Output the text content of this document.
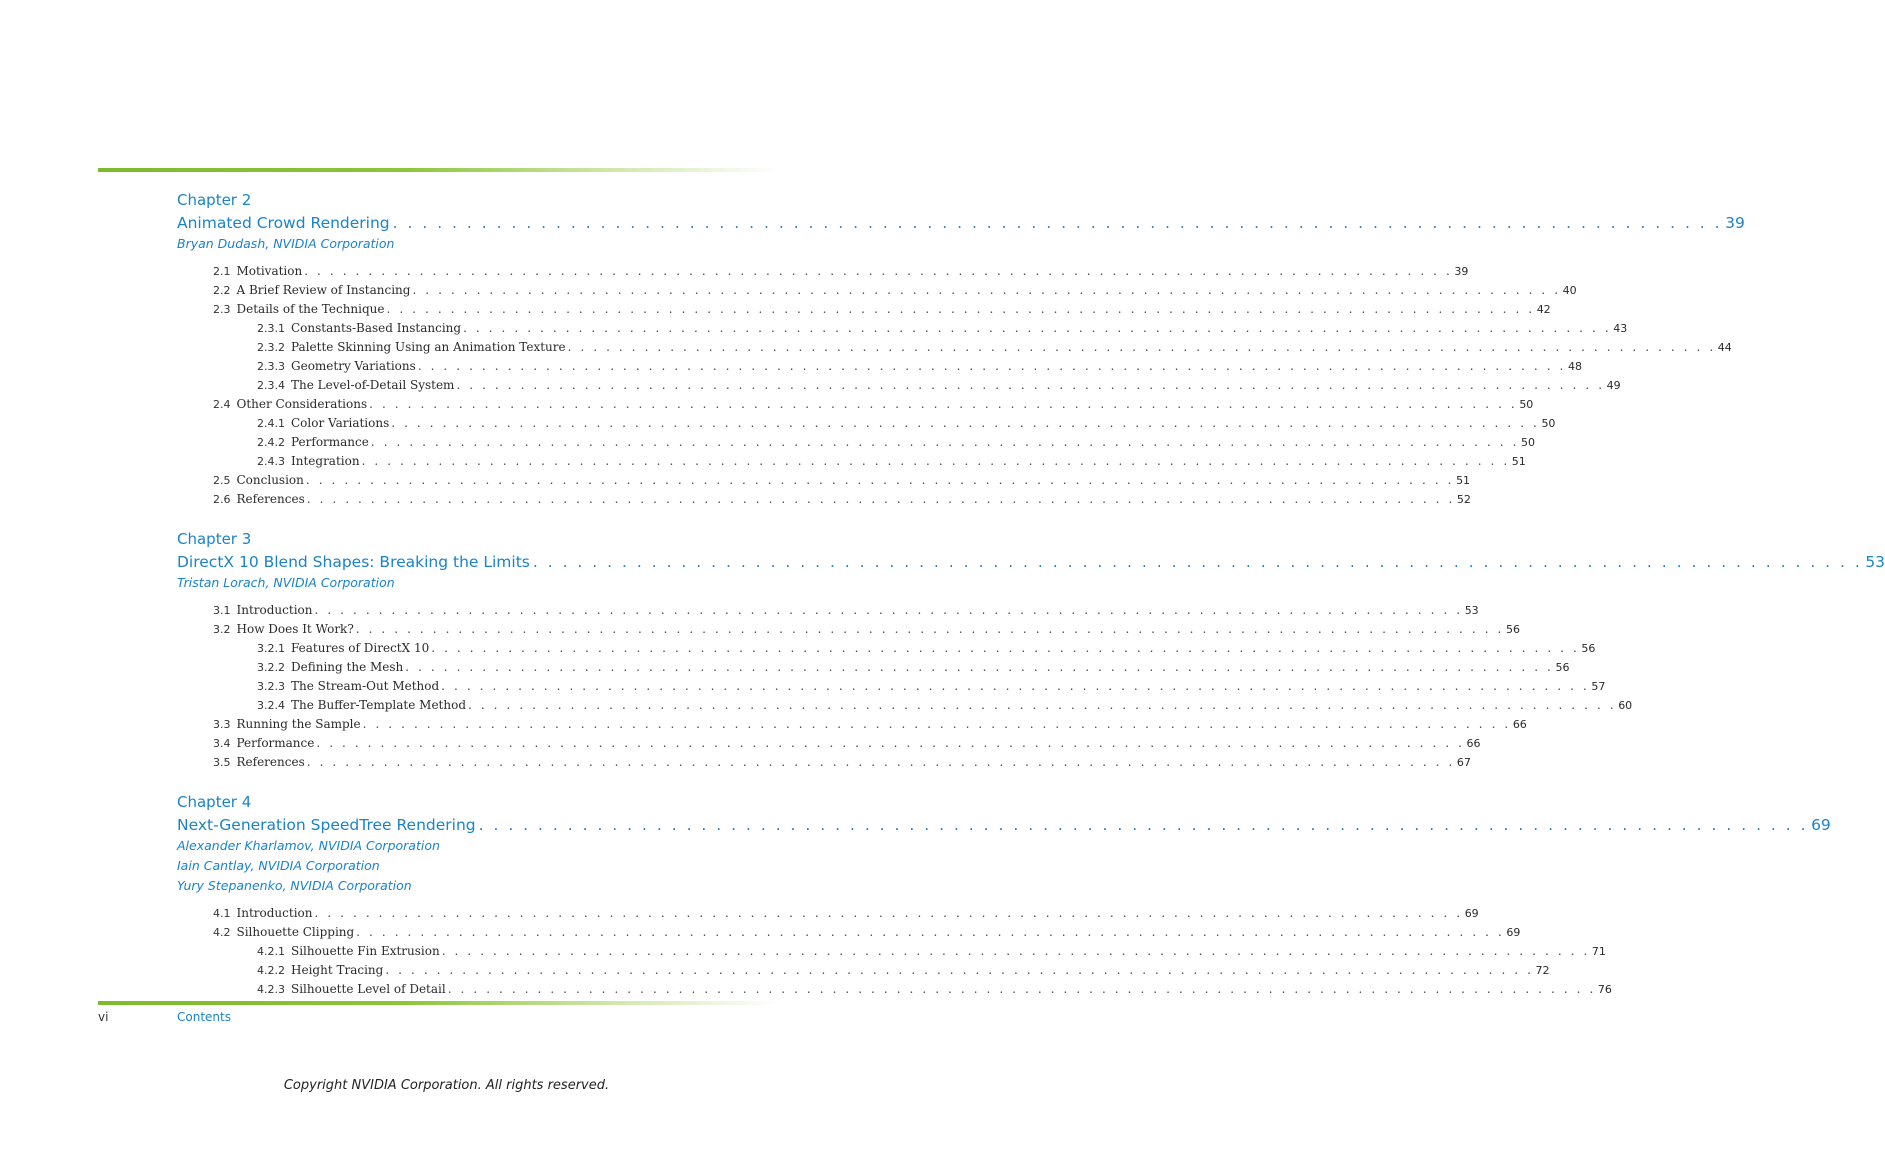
Chapter 2
Animated Crowd Rendering . . . . . . . . . . . . . . . . . . . . . . . . . . . . . . . . . . . . . . . . . . . . . . . . . . . . . . . . . . . . . . . . . . . . . . . . . . . . . . . . . . . . . . . . . . 39
Bryan Dudash, NVIDIA Corporation
2.1 Motivation . . . . . . . . . . . . . . . . . . . . . . . . . . . . . . . . . . . . . . . . . . . . . . . . . . . . . . . . . . . . . . . . . . . . . . . . . . . . . . . . . . . . . . . . . . 39
2.2 A Brief Review of Instancing . . . . . . . . . . . . . . . . . . . . . . . . . . . . . . . . . . . . . . . . . . . . . . . . . . . . . . . . . . . . . . . . . . . . . . . . . . . . . . . . . . . . . . . . . . 40
2.3 Details of the Technique . . . . . . . . . . . . . . . . . . . . . . . . . . . . . . . . . . . . . . . . . . . . . . . . . . . . . . . . . . . . . . . . . . . . . . . . . . . . . . . . . . . . . . . . . . 42
2.3.1 Constants-Based Instancing . . . . . . . . . . . . . . . . . . . . . . . . . . . . . . . . . . . . . . . . . . . . . . . . . . . . . . . . . . . . . . . . . . . . . . . . . . . . . . . . . . . . . . . . . . 43
2.3.2 Palette Skinning Using an Animation Texture . . . . . . . . . . . . . . . . . . . . . . . . . . . . . . . . . . . . . . . . . . . . . . . . . . . . . . . . . . . . . . . . . . . . . . . . . . . . . . . . . . . . . . . . . . 44
2.3.3 Geometry Variations . . . . . . . . . . . . . . . . . . . . . . . . . . . . . . . . . . . . . . . . . . . . . . . . . . . . . . . . . . . . . . . . . . . . . . . . . . . . . . . . . . . . . . . . . . 48
2.3.4 The Level-of-Detail System . . . . . . . . . . . . . . . . . . . . . . . . . . . . . . . . . . . . . . . . . . . . . . . . . . . . . . . . . . . . . . . . . . . . . . . . . . . . . . . . . . . . . . . . . . 49
2.4 Other Considerations . . . . . . . . . . . . . . . . . . . . . . . . . . . . . . . . . . . . . . . . . . . . . . . . . . . . . . . . . . . . . . . . . . . . . . . . . . . . . . . . . . . . . . . . . . 50
2.4.1 Color Variations . . . . . . . . . . . . . . . . . . . . . . . . . . . . . . . . . . . . . . . . . . . . . . . . . . . . . . . . . . . . . . . . . . . . . . . . . . . . . . . . . . . . . . . . . . 50
2.4.2 Performance . . . . . . . . . . . . . . . . . . . . . . . . . . . . . . . . . . . . . . . . . . . . . . . . . . . . . . . . . . . . . . . . . . . . . . . . . . . . . . . . . . . . . . . . . . 50
2.4.3 Integration . . . . . . . . . . . . . . . . . . . . . . . . . . . . . . . . . . . . . . . . . . . . . . . . . . . . . . . . . . . . . . . . . . . . . . . . . . . . . . . . . . . . . . . . . . 51
2.5 Conclusion . . . . . . . . . . . . . . . . . . . . . . . . . . . . . . . . . . . . . . . . . . . . . . . . . . . . . . . . . . . . . . . . . . . . . . . . . . . . . . . . . . . . . . . . . . 51
2.6 References . . . . . . . . . . . . . . . . . . . . . . . . . . . . . . . . . . . . . . . . . . . . . . . . . . . . . . . . . . . . . . . . . . . . . . . . . . . . . . . . . . . . . . . . . . 52
Chapter 3
DirectX 10 Blend Shapes: Breaking the Limits . . . . . . . . . . . . . . . . . . . . . . . . . . . . . . . . . . . . . . . . . . . . . . . . . . . . . . . . . . . . . . . . . . . . . . . . . . . . . . . . . . . . . . . . . . 53
Tristan Lorach, NVIDIA Corporation
3.1 Introduction . . . . . . . . . . . . . . . . . . . . . . . . . . . . . . . . . . . . . . . . . . . . . . . . . . . . . . . . . . . . . . . . . . . . . . . . . . . . . . . . . . . . . . . . . . 53
3.2 How Does It Work? . . . . . . . . . . . . . . . . . . . . . . . . . . . . . . . . . . . . . . . . . . . . . . . . . . . . . . . . . . . . . . . . . . . . . . . . . . . . . . . . . . . . . . . . . . 56
3.2.1 Features of DirectX 10 . . . . . . . . . . . . . . . . . . . . . . . . . . . . . . . . . . . . . . . . . . . . . . . . . . . . . . . . . . . . . . . . . . . . . . . . . . . . . . . . . . . . . . . . . . 56
3.2.2 Defining the Mesh . . . . . . . . . . . . . . . . . . . . . . . . . . . . . . . . . . . . . . . . . . . . . . . . . . . . . . . . . . . . . . . . . . . . . . . . . . . . . . . . . . . . . . . . . . 56
3.2.3 The Stream-Out Method . . . . . . . . . . . . . . . . . . . . . . . . . . . . . . . . . . . . . . . . . . . . . . . . . . . . . . . . . . . . . . . . . . . . . . . . . . . . . . . . . . . . . . . . . . 57
3.2.4 The Buffer-Template Method . . . . . . . . . . . . . . . . . . . . . . . . . . . . . . . . . . . . . . . . . . . . . . . . . . . . . . . . . . . . . . . . . . . . . . . . . . . . . . . . . . . . . . . . . . 60
3.3 Running the Sample . . . . . . . . . . . . . . . . . . . . . . . . . . . . . . . . . . . . . . . . . . . . . . . . . . . . . . . . . . . . . . . . . . . . . . . . . . . . . . . . . . . . . . . . . . 66
3.4 Performance . . . . . . . . . . . . . . . . . . . . . . . . . . . . . . . . . . . . . . . . . . . . . . . . . . . . . . . . . . . . . . . . . . . . . . . . . . . . . . . . . . . . . . . . . . 66
3.5 References . . . . . . . . . . . . . . . . . . . . . . . . . . . . . . . . . . . . . . . . . . . . . . . . . . . . . . . . . . . . . . . . . . . . . . . . . . . . . . . . . . . . . . . . . . 67
Chapter 4
Next-Generation SpeedTree Rendering . . . . . . . . . . . . . . . . . . . . . . . . . . . . . . . . . . . . . . . . . . . . . . . . . . . . . . . . . . . . . . . . . . . . . . . . . . . . . . . . . . . . . . . . . . 69
Alexander Kharlamov, NVIDIA Corporation
Iain Cantlay, NVIDIA Corporation
Yury Stepanenko, NVIDIA Corporation
4.1 Introduction . . . . . . . . . . . . . . . . . . . . . . . . . . . . . . . . . . . . . . . . . . . . . . . . . . . . . . . . . . . . . . . . . . . . . . . . . . . . . . . . . . . . . . . . . . 69
4.2 Silhouette Clipping . . . . . . . . . . . . . . . . . . . . . . . . . . . . . . . . . . . . . . . . . . . . . . . . . . . . . . . . . . . . . . . . . . . . . . . . . . . . . . . . . . . . . . . . . . 69
4.2.1 Silhouette Fin Extrusion . . . . . . . . . . . . . . . . . . . . . . . . . . . . . . . . . . . . . . . . . . . . . . . . . . . . . . . . . . . . . . . . . . . . . . . . . . . . . . . . . . . . . . . . . . 71
4.2.2 Height Tracing . . . . . . . . . . . . . . . . . . . . . . . . . . . . . . . . . . . . . . . . . . . . . . . . . . . . . . . . . . . . . . . . . . . . . . . . . . . . . . . . . . . . . . . . . . 72
4.2.3 Silhouette Level of Detail . . . . . . . . . . . . . . . . . . . . . . . . . . . . . . . . . . . . . . . . . . . . . . . . . . . . . . . . . . . . . . . . . . . . . . . . . . . . . . . . . . . . . . . . . . 76
vi	Contents
Copyright NVIDIA Corporation. All rights reserved.
